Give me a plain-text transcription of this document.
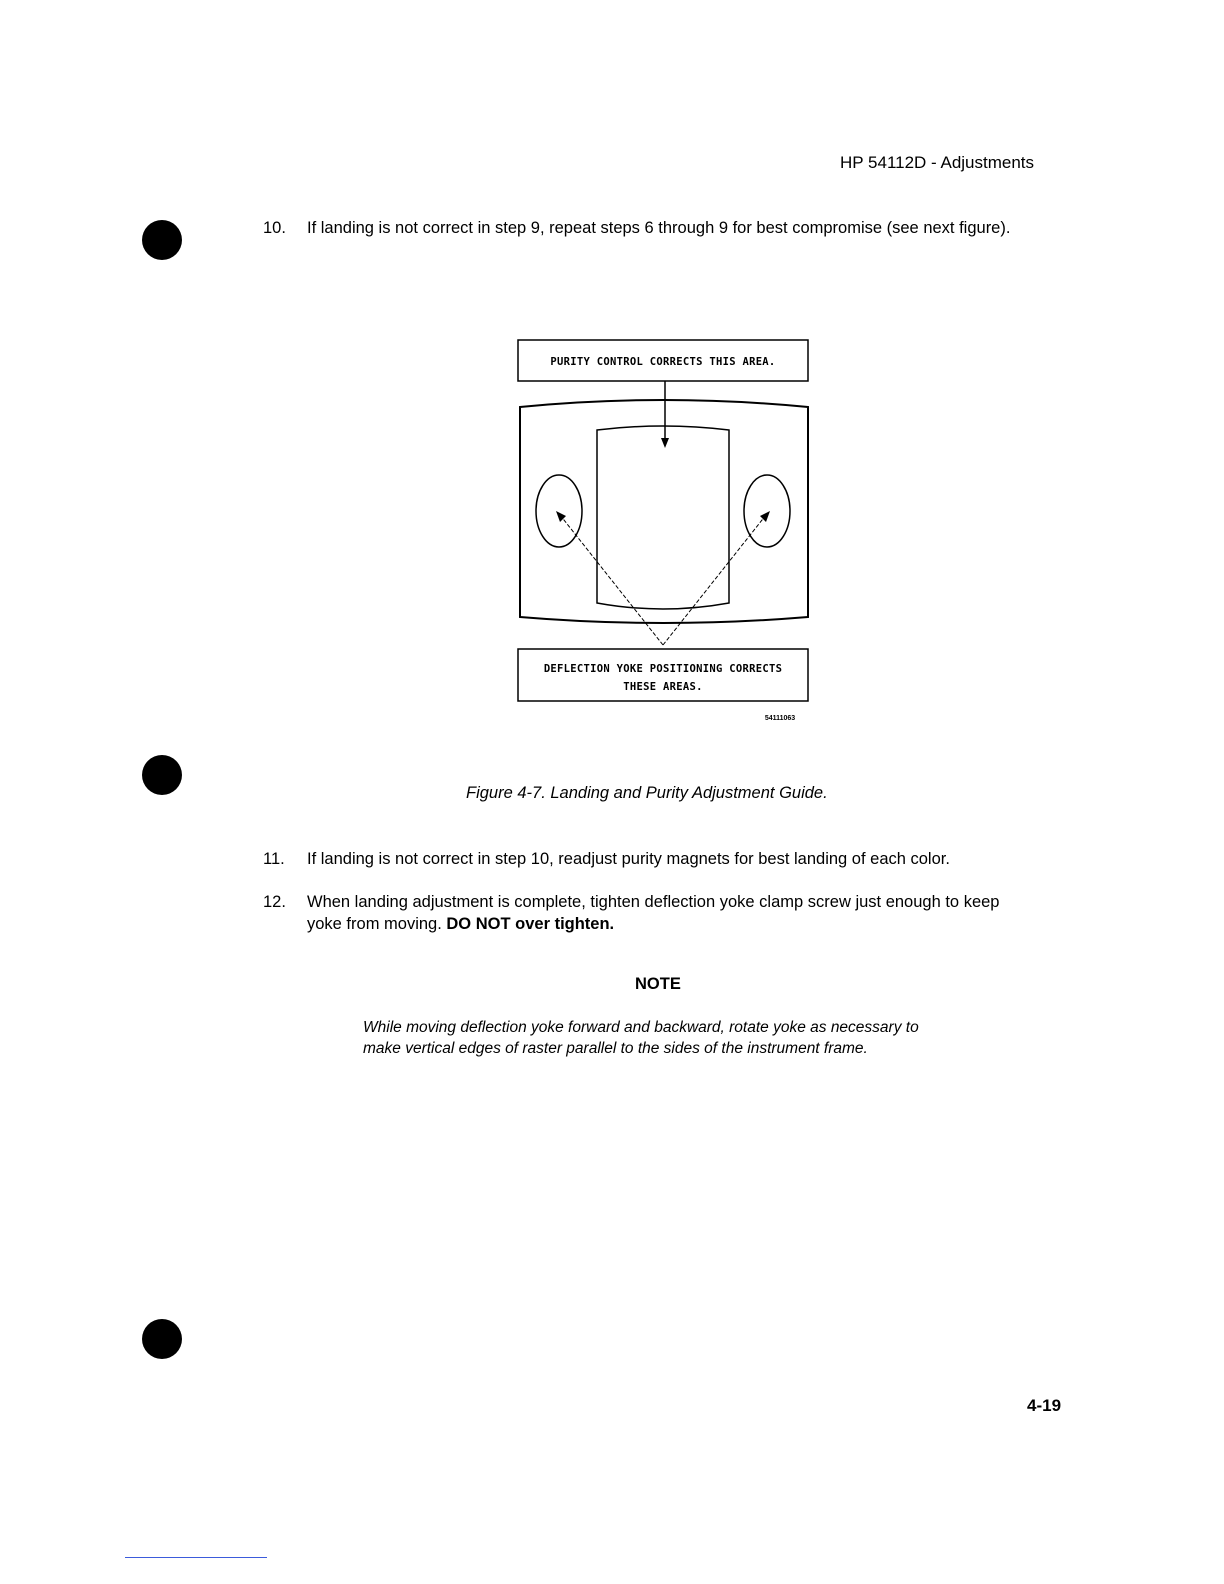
HP 54112D - Adjustments
10. If landing is not correct in step 9, repeat steps 6 through 9 for best compromise (see next figure).
PURITY CONTROL CORRECTS THIS AREA.
DEFLECTION YOKE POSITIONING CORRECTS
THESE AREAS.
54111063
Figure 4-7. Landing and Purity Adjustment Guide.
11. If landing is not correct in step 10, readjust purity magnets for best landing of each color.
12. When landing adjustment is complete, tighten deflection yoke clamp screw just enough to keep yoke from moving. DO NOT over tighten.
NOTE
While moving deflection yoke forward and backward, rotate yoke as necessary to make vertical edges of raster parallel to the sides of the instrument frame.
4-19
